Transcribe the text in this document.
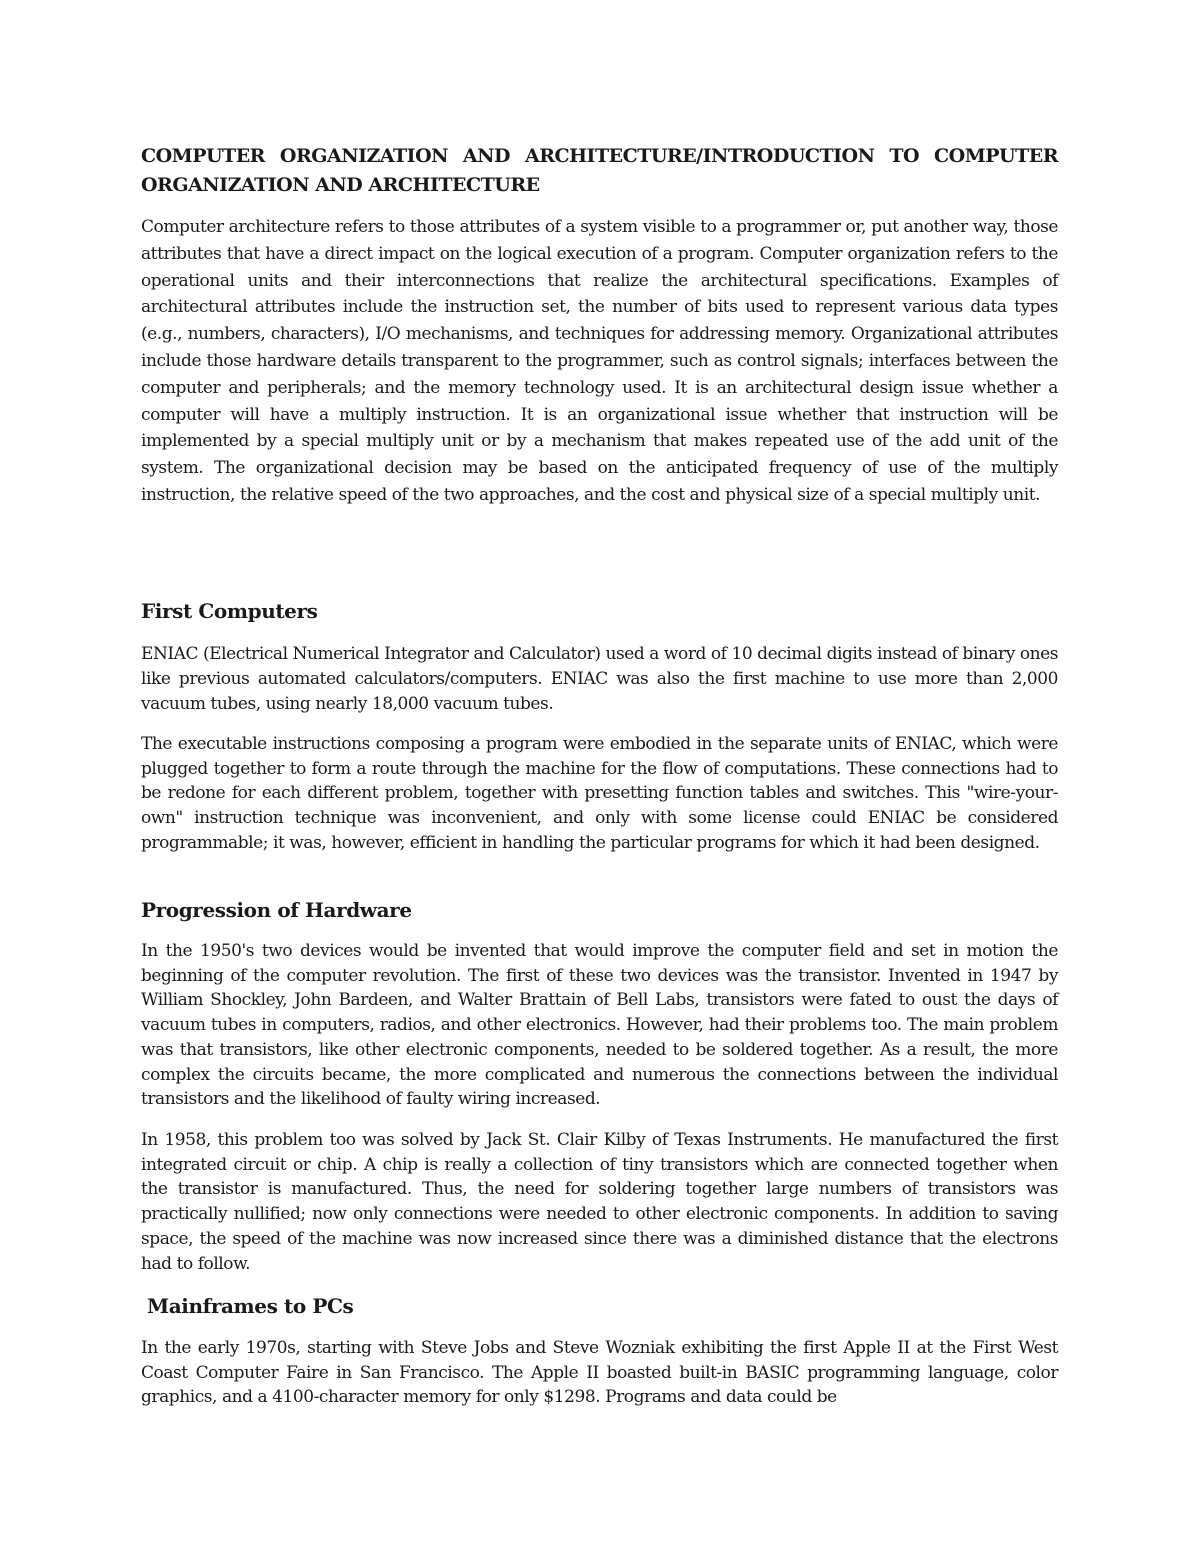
COMPUTER ORGANIZATION AND ARCHITECTURE/INTRODUCTION TO COMPUTER ORGANIZATION AND ARCHITECTURE

Computer architecture refers to those attributes of a system visible to a programmer or, put another way, those attributes that have a direct impact on the logical execution of a program. Computer organization refers to the operational units and their interconnections that realize the architectural specifications. Examples of architectural attributes include the instruction set, the number of bits used to represent various data types (e.g., numbers, characters), I/O mechanisms, and techniques for addressing memory. Organizational attributes include those hardware details transparent to the programmer, such as control signals; interfaces between the computer and peripherals; and the memory technology used. It is an architectural design issue whether a computer will have a multiply instruction. It is an organizational issue whether that instruction will be implemented by a special multiply unit or by a mechanism that makes repeated use of the add unit of the system. The organizational decision may be based on the anticipated frequency of use of the multiply instruction, the relative speed of the two approaches, and the cost and physical size of a special multiply unit.

First Computers

ENIAC (Electrical Numerical Integrator and Calculator) used a word of 10 decimal digits instead of binary ones like previous automated calculators/computers. ENIAC was also the first machine to use more than 2,000 vacuum tubes, using nearly 18,000 vacuum tubes.

The executable instructions composing a program were embodied in the separate units of ENIAC, which were plugged together to form a route through the machine for the flow of computations. These connections had to be redone for each different problem, together with presetting function tables and switches. This "wire-your-own" instruction technique was inconvenient, and only with some license could ENIAC be considered programmable; it was, however, efficient in handling the particular programs for which it had been designed.

Progression of Hardware

In the 1950's two devices would be invented that would improve the computer field and set in motion the beginning of the computer revolution. The first of these two devices was the transistor. Invented in 1947 by William Shockley, John Bardeen, and Walter Brattain of Bell Labs, transistors were fated to oust the days of vacuum tubes in computers, radios, and other electronics. However, had their problems too. The main problem was that transistors, like other electronic components, needed to be soldered together. As a result, the more complex the circuits became, the more complicated and numerous the connections between the individual transistors and the likelihood of faulty wiring increased.

In 1958, this problem too was solved by Jack St. Clair Kilby of Texas Instruments. He manufactured the first integrated circuit or chip. A chip is really a collection of tiny transistors which are connected together when the transistor is manufactured. Thus, the need for soldering together large numbers of transistors was practically nullified; now only connections were needed to other electronic components. In addition to saving space, the speed of the machine was now increased since there was a diminished distance that the electrons had to follow.

Mainframes to PCs

In the early 1970s, starting with Steve Jobs and Steve Wozniak exhibiting the first Apple II at the First West Coast Computer Faire in San Francisco. The Apple II boasted built-in BASIC programming language, color graphics, and a 4100-character memory for only $1298. Programs and data could be
